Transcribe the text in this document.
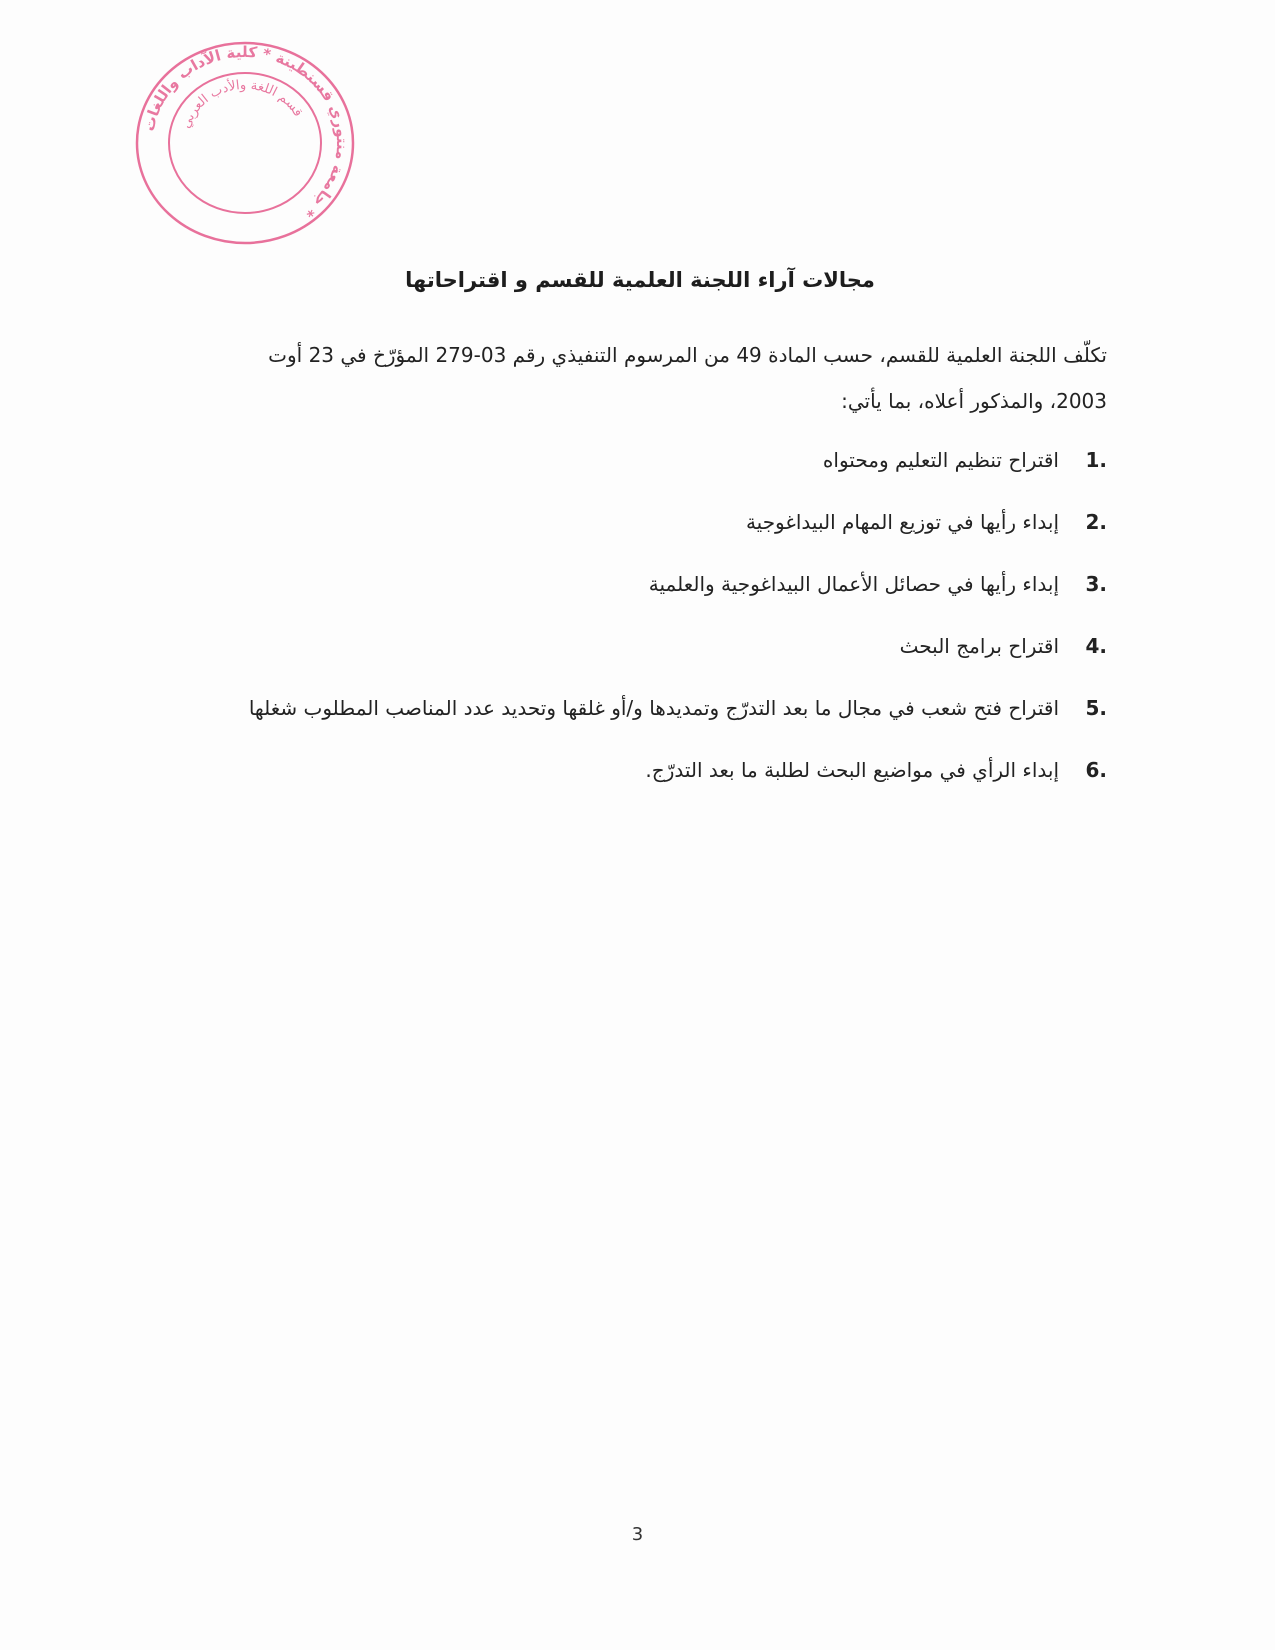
جامعة منتوري قسنطينة * كلية الآداب واللغات *
قسم اللغة والأدب العربي
مجالات آراء اللجنة العلمية للقسم و اقتراحاتها
تكلّف اللجنة العلمية للقسم، حسب المادة 49 من المرسوم التنفيذي رقم 03-279 المؤرّخ في 23 أوت 2003، والمذكور أعلاه، بما يأتي:
1.
اقتراح تنظيم التعليم ومحتواه
2.
إبداء رأيها في توزيع المهام البيداغوجية
3.
إبداء رأيها في حصائل الأعمال البيداغوجية والعلمية
4.
اقتراح برامج البحث
5.
اقتراح فتح شعب في مجال ما بعد التدرّج وتمديدها و/أو غلقها وتحديد عدد المناصب المطلوب شغلها
6.
إبداء الرأي في مواضيع البحث لطلبة ما بعد التدرّج.
3
